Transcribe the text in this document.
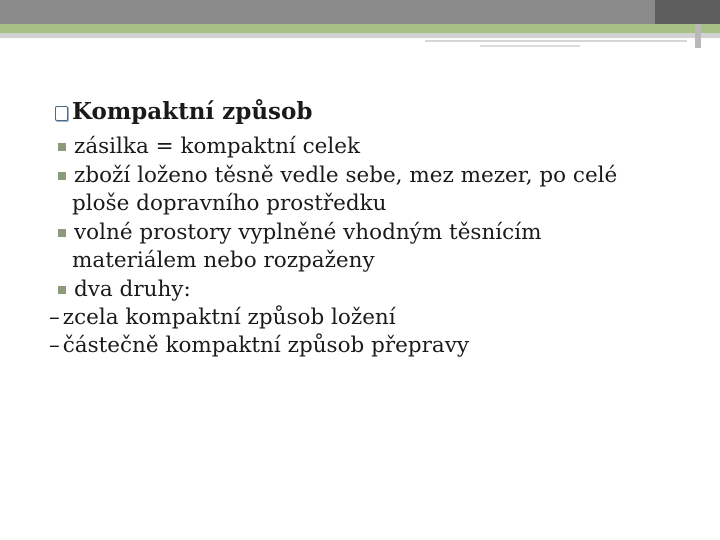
Kompaktní způsob
zásilka = kompaktní celek
zboží loženo těsně vedle sebe, mez mezer, po celé
ploše dopravního prostředku
volné prostory vyplněné vhodným těsnícím
materiálem nebo rozpaženy
dva druhy:
– zcela kompaktní způsob ložení
– částečně kompaktní způsob přepravy
